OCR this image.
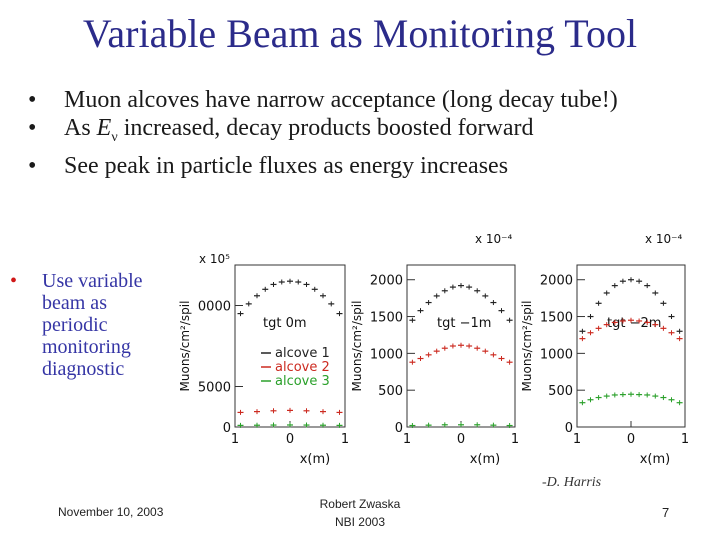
Variable Beam as Monitoring Tool
• Muon alcoves have narrow acceptance (long decay tube!)
• As $E_\nu$ increased, decay products boosted forward
• See peak in particle fluxes as energy increases
•	Use variable beam as periodic monitoring diagnostic
0
5000
0000
1	0	1
x(m)
Muons/cm²/spil
x 10⁵
tgt 0m
alcove 1
alcove 2
alcove 3
0
500
1000
1500
2000
1	0	1
x(m)
Muons/cm²/spil
x 10⁻⁴
tgt −1m
0
500
1000
1500
2000
1	0	1
x(m)
Muons/cm²/spil
x 10⁻⁴
tgt −2m
-D. Harris
November 10, 2003
Robert Zwaska
NBI 2003
7
